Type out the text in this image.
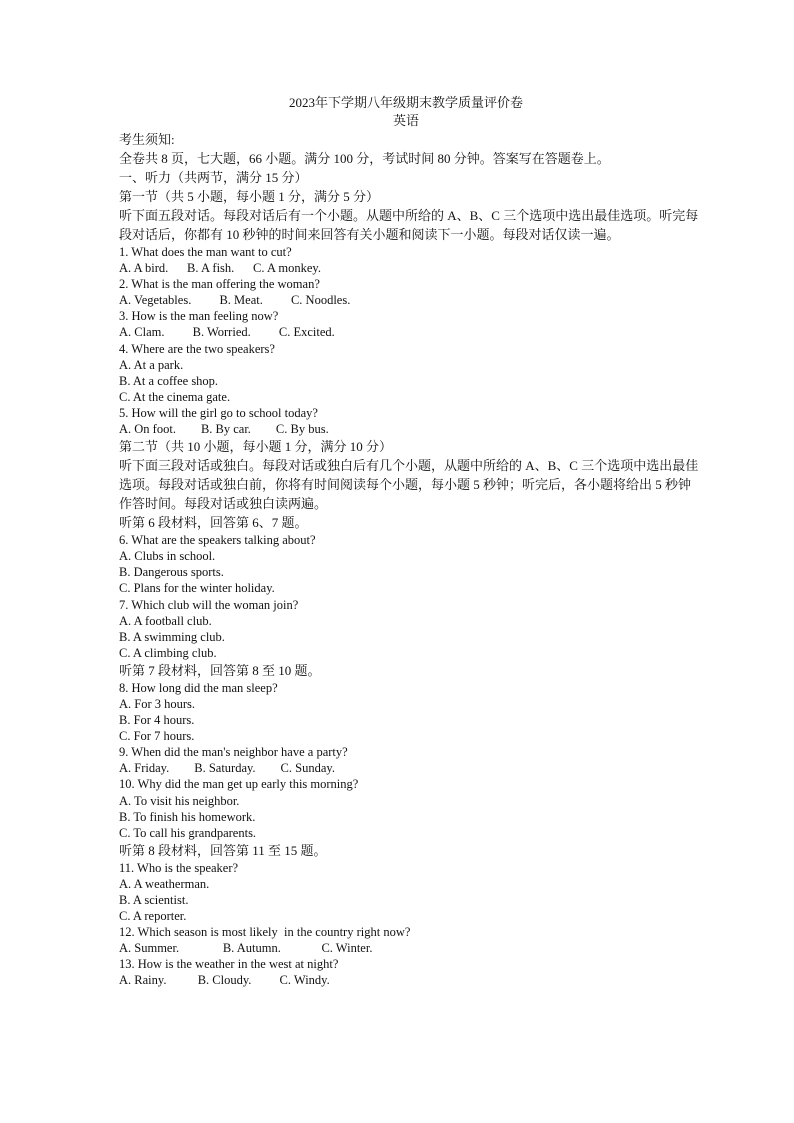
2023年下学期八年级期末教学质量评价卷
英语
考生须知:
全卷共 8 页，七大题，66 小题。满分 100 分，考试时间 80 分钟。答案写在答题卷上。
一、听力（共两节，满分 15 分）
第一节（共 5 小题，每小题 1 分，满分 5 分）

听下面五段对话。每段对话后有一个小题。从题中所给的 A、B、C 三个选项中选出最佳选项。听完每段对话后，你都有 10 秒钟的时间来回答有关小题和阅读下一小题。每段对话仅读一遍。

1. What does the man want to cut?
A. A bird.      B. A fish.      C. A monkey.
2. What is the man offering the woman?
A. Vegetables.         B. Meat.         C. Noodles.
3. How is the man feeling now?
A. Clam.         B. Worried.         C. Excited.
4. Where are the two speakers?
A. At a park.
B. At a coffee shop.
C. At the cinema gate.
5. How will the girl go to school today?
A. On foot.        B. By car.        C. By bus.
第二节（共 10 小题，每小题 1 分，满分 10 分）

听下面三段对话或独白。每段对话或独白后有几个小题，从题中所给的 A、B、C 三个选项中选出最佳选项。每段对话或独白前，你将有时间阅读每个小题，每小题 5 秒钟；听完后，各小题将给出 5 秒钟作答时间。每段对话或独白读两遍。

听第 6 段材料，回答第 6、7 题。
6. What are the speakers talking about?
A. Clubs in school.
B. Dangerous sports.
C. Plans for the winter holiday.
7. Which club will the woman join?
A. A football club.
B. A swimming club.
C. A climbing club.
听第 7 段材料，回答第 8 至 10 题。
8. How long did the man sleep?
A. For 3 hours.
B. For 4 hours.
C. For 7 hours.
9. When did the man's neighbor have a party?
A. Friday.        B. Saturday.        C. Sunday.
10. Why did the man get up early this morning?
A. To visit his neighbor.
B. To finish his homework.
C. To call his grandparents.
听第 8 段材料，回答第 11 至 15 题。
11. Who is the speaker?
A. A weatherman.
B. A scientist.
C. A reporter.
12. Which season is most likely  in the country right now?
A. Summer.              B. Autumn.             C. Winter.
13. How is the weather in the west at night?
A. Rainy.          B. Cloudy.         C. Windy.
